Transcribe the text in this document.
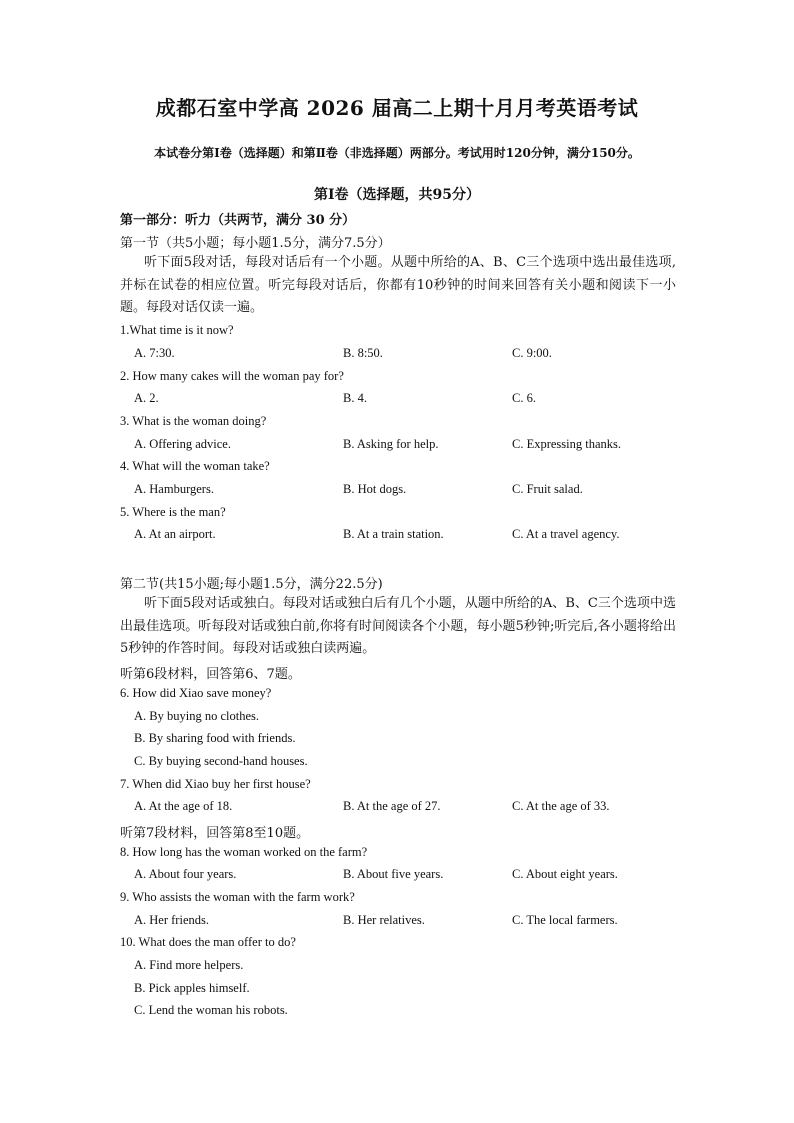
成都石室中学高 2026 届高二上期十月月考英语考试
本试卷分第Ⅰ卷（选择题）和第Ⅱ卷（非选择题）两部分。考试用时120分钟，满分150分。
第Ⅰ卷（选择题，共95分）
第一部分：听力（共两节，满分 30 分）
第一节（共5小题；每小题1.5分，满分7.5分）
听下面5段对话，每段对话后有一个小题。从题中所给的A、B、C三个选项中选出最佳选项,并标在试卷的相应位置。听完每段对话后，你都有10秒钟的时间来回答有关小题和阅读下一小题。每段对话仅读一遍。
1.What time is it now?
A. 7:30.	B. 8:50.	C. 9:00.
2. How many cakes will the woman pay for?
A. 2.	B. 4.	C. 6.
3. What is the woman doing?
A. Offering advice.	B. Asking for help.	C. Expressing thanks.
4. What will the woman take?
A. Hamburgers.	B. Hot dogs.	C. Fruit salad.
5. Where is the man?
A. At an airport.	B. At a train station.	C. At a travel agency.
第二节(共15小题;每小题1.5分，满分22.5分)
听下面5段对话或独白。每段对话或独白后有几个小题，从题中所给的A、B、C三个选项中选出最佳选项。听每段对话或独白前,你将有时间阅读各个小题，每小题5秒钟;听完后,各小题将给出5秒钟的作答时间。每段对话或独白读两遍。
听第6段材料，回答第6、7题。
6. How did Xiao save money?
A. By buying no clothes.
B. By sharing food with friends.
C. By buying second-hand houses.
7. When did Xiao buy her first house?
A. At the age of 18.	B. At the age of 27.	C. At the age of 33.
听第7段材料，回答第8至10题。
8. How long has the woman worked on the farm?
A. About four years.	B. About five years.	C. About eight years.
9. Who assists the woman with the farm work?
A. Her friends.	B. Her relatives.	C. The local farmers.
10. What does the man offer to do?
A. Find more helpers.
B. Pick apples himself.
C. Lend the woman his robots.
